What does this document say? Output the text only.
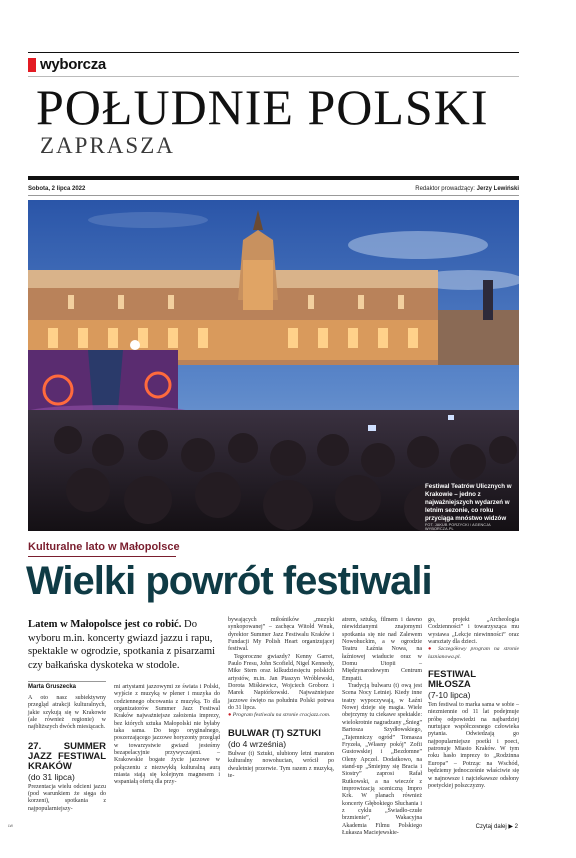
wyborcza
POŁUDNIE POLSKI
ZAPRASZA
Sobota, 2 lipca 2022	Redaktor prowadzący: Jerzy Lewiński
Festiwal Teatrów Ulicznych w Krakowie – jedno z najważniejszych wydarzeń w letnim sezonie, co roku przyciąga mnóstwo widzów
FOT. JAKUB PORZYCKI / AGENCJA WYBORCZA.PL
Kulturalne lato w Małopolsce
Wielki powrót festiwali
Latem w Małopolsce jest co robić. Do wyboru m.in. koncerty gwiazd jazzu i rapu, spektakle w ogrodzie, spotkania z pisarzami czy bałkańska dyskoteka w stodole.
Marta Gruszecka

A oto nasz subiektywny przegląd atrakcji kulturalnych, jakie szykują się w Krakowie (ale również regionie) w najbliższych dwóch miesiącach.

27. SUMMER JAZZ FESTIWAL KRAKÓW
(do 31 lipca)

Prezentacja wielu odcieni jazzu (pod warunkiem że sięga do korzeni), spotkania z najpopularniejszy-

mi artystami jazzowymi ze świata i Polski, wyjście z muzyką w plener i muzyka do codziennego obcowania z muzyką. To dla organizatorów Summer Jazz Festiwal Kraków najważniejsze założenia imprezy, bez których sztuka Małopolski nie byłaby taka sama. Do tego oryginalnego, poszerzającego jazzowe horyzonty przegląd w towarzystwie gwiazd jesteśmy bezapelacyjnie przywyczajeni. – Krakowskie bogate życie jazzowe w połączeniu z niezwykłą kulturalną aurą miasta stają się kolejnym magnesem i wspaniałą ofertą dla przy-

bywających miłośników „muzyki synkopowanej” – zachęca Witold Wnuk, dyrektor Summer Jazz Festiwalu Kraków i Fundacji My Polish Heart organizującej festiwal.

Tegoroczne gwiazdy? Kenny Garret, Paulo Fresu, John Scofield, Nigel Kennedy, Mike Stern oraz kilkudziesięciu polskich artystów, m.in. Jan Ptaszyn Wróblewski, Dorota Miśkiewicz, Wojciech Groborz i Marek Napiórkowski. Najważniejsze jazzowe święto na południu Polski potrwa do 31 lipca.

● Program festiwalu na stronie cracjazz.com.

BULWAR (T) SZTUKI
(do 4 września)

Bulwar (t) Sztuki, ulubiony letni maraton kulturalny nowohucian, wrócił po dwuletniej przerwie. Tym razem z muzyką, te-

atrem, sztuką, filmem i dawno niewidzianymi znajomymi spotkania się nie nad Zalewem Nowohuckim, a w ogrodzie Teatru Łaźnia Nowa, na łaźniowej wiaducie oraz w Domu Utopii – Międzynarodowym Centrum Empatii.

Tradycją bulwaru (t) ową jest Scena Nocy Letniej. Kiedy inne teatry wypoczywają, w Łaźni Nowej dzieje się magia. Wiele obejrzymy tu ciekawe spektakle: wielokrotnie nagradzany „Śnieg” Bartosza Szydłowskiego, „Tajemniczy ogród” Tomasza Fryzeła, „Własny pokój” Zofii Gustowskiej i „Bezdomne” Oleny Apczel. Dodatkowo, na stand-up „Śmiejmy się Bracia i Siostry” zaprosi Rafał Rutkowski, a na wieczór z improwizacją sceniczną Impro Krk. W planach również koncerty Głębokiego Słuchania i z cyklu „Świadło-czułe brzmienie”, Wakacyjna Akademia Filmu Polskiego Łukasza Maciejewskie-

go, projekt „Archeologia Codzienności” i towarzysząca mu wystawa „Lekcje niewinności” oraz warsztaty dla dzieci.

● Szczegółowy program na stronie laznianowa.pl.

FESTIWAL MIŁOSZA
(7-10 lipca)

Ten festiwal to marka sama w sobie – niezmiennie od 11 lat podejmuje próbę odpowiedzi na najbardziej nurtujące współczesnego człowieka pytania. Odwiedzają go najpopularniejsze poetki i poeci, patronuje Miasto Kraków. W tym roku hasło imprezy to „Rodzinna Europa” – Potrząc na Wschód, będziemy jednocześnie właściwie się w najnowsze i najciekawsze odsłony poetyckiej polszczyzny.

LW	Czytaj dalej ▶ 2
